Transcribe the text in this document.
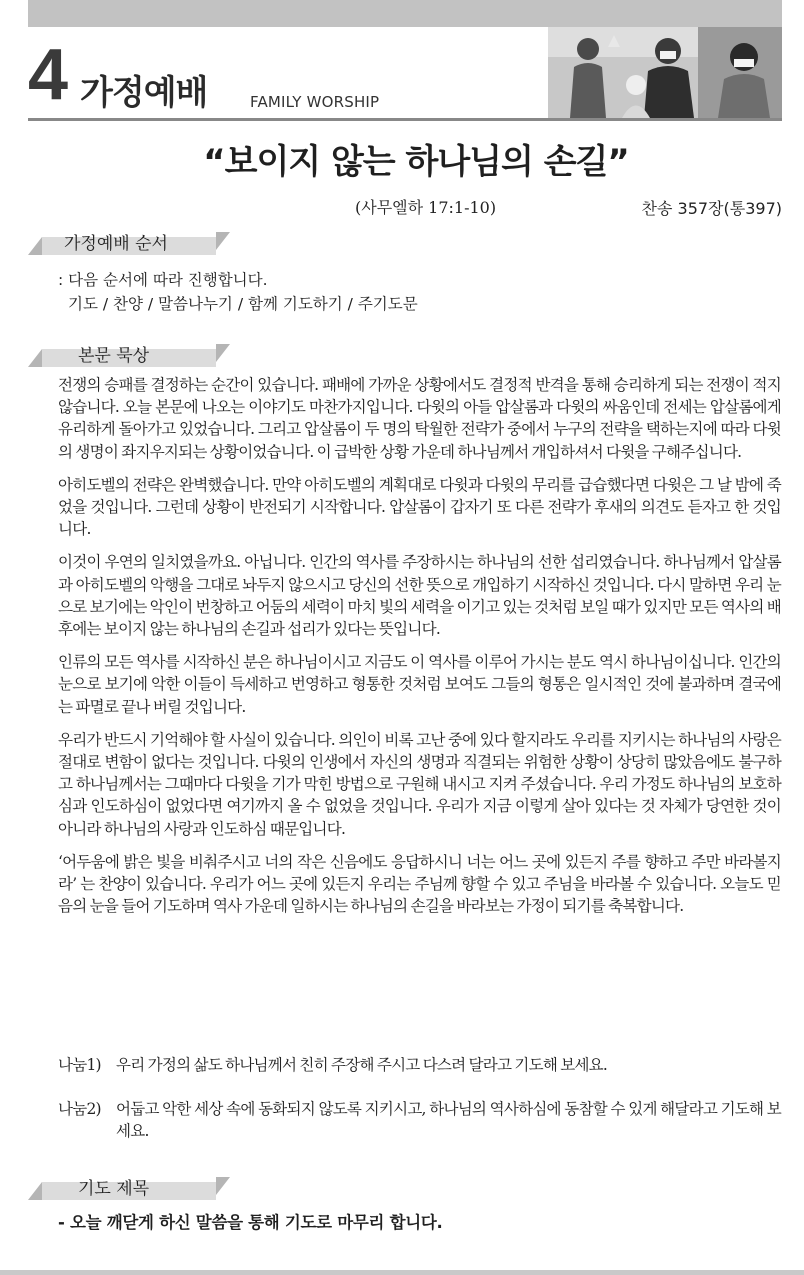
4 가정예배	FAMILY WORSHIP
“보이지 않는 하나님의 손길”
(사무엘하 17:1-10)	찬송 357장(통397)
가정예배 순서
: 다음 순서에 따라 진행합니다.
기도 / 찬양 / 말씀나누기 / 함께 기도하기 / 주기도문
본문 묵상

전쟁의 승패를 결정하는 순간이 있습니다. 패배에 가까운 상황에서도 결정적 반격을 통해 승리하게 되는 전쟁이 적지 않습니다. 오늘 본문에 나오는 이야기도 마찬가지입니다. 다윗의 아들 압살롬과 다윗의 싸움인데 전세는 압살롬에게 유리하게 돌아가고 있었습니다. 그리고 압살롬이 두 명의 탁월한 전략가 중에서 누구의 전략을 택하는지에 따라 다윗의 생명이 좌지우지되는 상황이었습니다. 이 급박한 상황 가운데 하나님께서 개입하셔서 다윗을 구해주십니다.

아히도벨의 전략은 완벽했습니다. 만약 아히도벨의 계획대로 다윗과 다윗의 무리를 급습했다면 다윗은 그 날 밤에 죽었을 것입니다. 그런데 상황이 반전되기 시작합니다. 압살롬이 갑자기 또 다른 전략가 후새의 의견도 듣자고 한 것입니다.

이것이 우연의 일치였을까요. 아닙니다. 인간의 역사를 주장하시는 하나님의 선한 섭리였습니다. 하나님께서 압살롬과 아히도벨의 악행을 그대로 놔두지 않으시고 당신의 선한 뜻으로 개입하기 시작하신 것입니다. 다시 말하면 우리 눈으로 보기에는 악인이 번창하고 어둠의 세력이 마치 빛의 세력을 이기고 있는 것처럼 보일 때가 있지만 모든 역사의 배후에는 보이지 않는 하나님의 손길과 섭리가 있다는 뜻입니다.

인류의 모든 역사를 시작하신 분은 하나님이시고 지금도 이 역사를 이루어 가시는 분도 역시 하나님이십니다. 인간의 눈으로 보기에 악한 이들이 득세하고 번영하고 형통한 것처럼 보여도 그들의 형통은 일시적인 것에 불과하며 결국에는 파멸로 끝나 버릴 것입니다.

우리가 반드시 기억해야 할 사실이 있습니다. 의인이 비록 고난 중에 있다 할지라도 우리를 지키시는 하나님의 사랑은 절대로 변함이 없다는 것입니다. 다윗의 인생에서 자신의 생명과 직결되는 위험한 상황이 상당히 많았음에도 불구하고 하나님께서는 그때마다 다윗을 기가 막힌 방법으로 구원해 내시고 지켜 주셨습니다. 우리 가정도 하나님의 보호하심과 인도하심이 없었다면 여기까지 올 수 없었을 것입니다. 우리가 지금 이렇게 살아 있다는 것 자체가 당연한 것이 아니라 하나님의 사랑과 인도하심 때문입니다.

‘어두움에 밝은 빛을 비춰주시고 너의 작은 신음에도 응답하시니 너는 어느 곳에 있든지 주를 향하고 주만 바라볼지라’ 는 찬양이 있습니다. 우리가 어느 곳에 있든지 우리는 주님께 향할 수 있고 주님을 바라볼 수 있습니다. 오늘도 믿음의 눈을 들어 기도하며 역사 가운데 일하시는 하나님의 손길을 바라보는 가정이 되기를 축복합니다.

나눔1) 우리 가정의 삶도 하나님께서 친히 주장해 주시고 다스려 달라고 기도해 보세요.
나눔2) 어둡고 악한 세상 속에 동화되지 않도록 지키시고, 하나님의 역사하심에 동참할 수 있게 해달라고 기도해 보세요.
기도 제목
- 오늘 깨닫게 하신 말씀을 통해 기도로 마무리 합니다.
